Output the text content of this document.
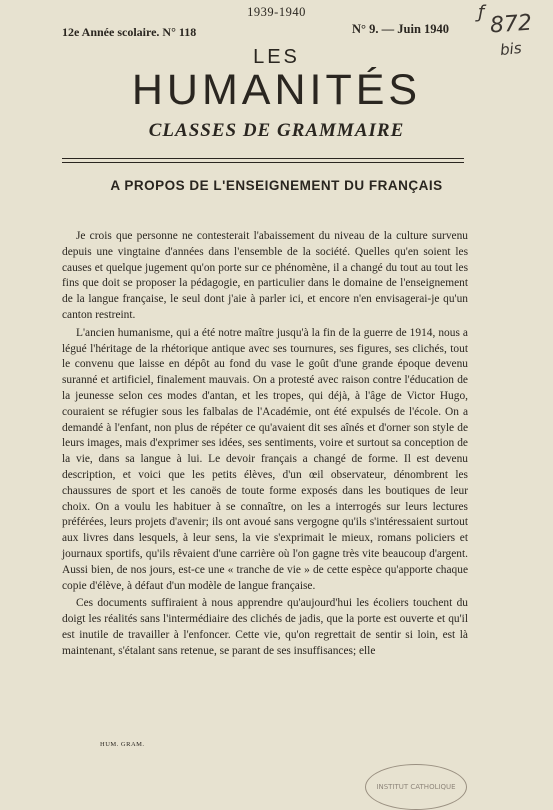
1939-1940
12e Année scolaire. N° 118	N° 9. — Juin 1940
ƒ 872
bis
LES
HUMANITÉS
CLASSES DE GRAMMAIRE
A PROPOS DE L'ENSEIGNEMENT DU FRANÇAIS

Je crois que personne ne contesterait l'abaissement du niveau de la culture survenu depuis une vingtaine d'années dans l'ensemble de la société. Quelles qu'en soient les causes et quelque jugement qu'on porte sur ce phénomène, il a changé du tout au tout les fins que doit se proposer la pédagogie, en particulier dans le domaine de l'enseignement de la langue française, le seul dont j'aie à parler ici, et encore n'en envisagerai-je qu'un canton restreint.

L'ancien humanisme, qui a été notre maître jusqu'à la fin de la guerre de 1914, nous a légué l'héritage de la rhétorique antique avec ses tournures, ses figures, ses clichés, tout le convenu que laisse en dépôt au fond du vase le goût d'une grande époque devenu suranné et artificiel, finalement mauvais. On a protesté avec raison contre l'éducation de la jeunesse selon ces modes d'antan, et les tropes, qui déjà, à l'âge de Victor Hugo, couraient se réfugier sous les falbalas de l'Académie, ont été expulsés de l'école. On a demandé à l'enfant, non plus de répéter ce qu'avaient dit ses aînés et d'orner son style de leurs images, mais d'exprimer ses idées, ses sentiments, voire et surtout sa conception de la vie, dans sa langue à lui. Le devoir français a changé de forme. Il est devenu description, et voici que les petits élèves, d'un œil observateur, dénombrent les chaussures de sport et les canoës de toute forme exposés dans les boutiques de leur choix. On a voulu les habituer à se connaître, on les a interrogés sur leurs lectures préférées, leurs projets d'avenir; ils ont avoué sans vergogne qu'ils s'intéressaient surtout aux livres dans lesquels, à leur sens, la vie s'exprimait le mieux, romans policiers et journaux sportifs, qu'ils rêvaient d'une carrière où l'on gagne très vite beaucoup d'argent. Aussi bien, de nos jours, est-ce une « tranche de vie » de cette espèce qu'apporte chaque copie d'élève, à défaut d'un modèle de langue française.

Ces documents suffiraient à nous apprendre qu'aujourd'hui les écoliers touchent du doigt les réalités sans l'intermédiaire des clichés de jadis, que la porte est ouverte et qu'il est inutile de travailler à l'enfoncer. Cette vie, qu'on regrettait de sentir si loin, est là maintenant, s'étalant sans retenue, se parant de ses insuffisances; elle

HUM. GRAM.
INSTITUT CATHOLIQUE
